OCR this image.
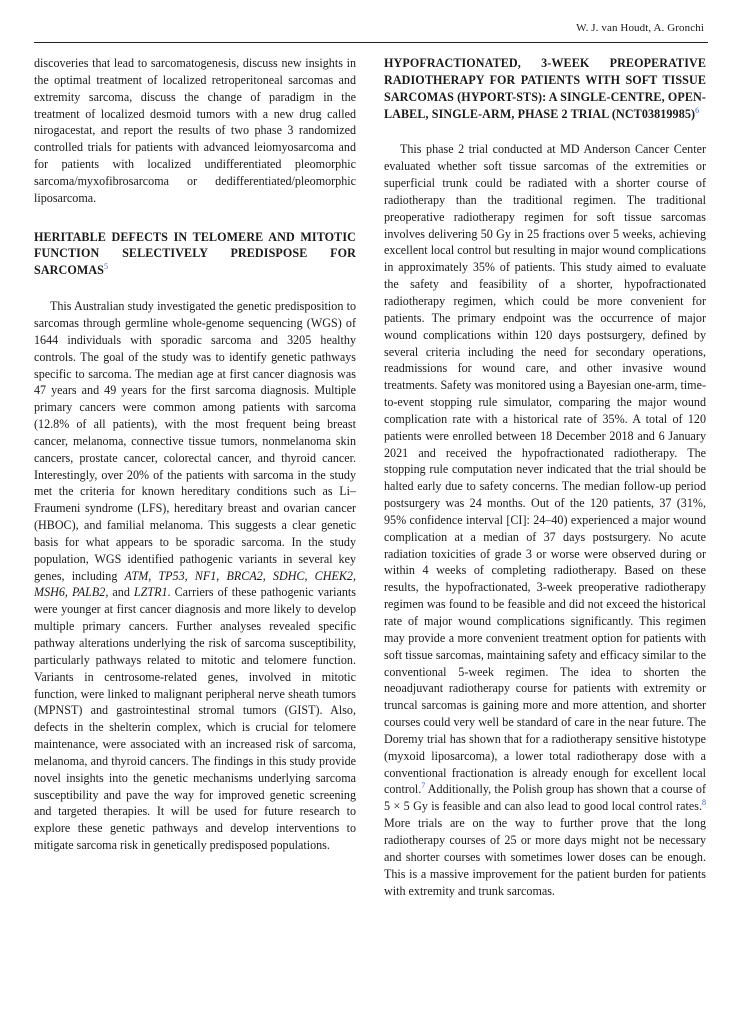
W. J. van Houdt, A. Gronchi

discoveries that lead to sarcomatogenesis, discuss new insights in the optimal treatment of localized retroperitoneal sarcomas and extremity sarcoma, discuss the change of paradigm in the treatment of localized desmoid tumors with a new drug called nirogacestat, and report the results of two phase 3 randomized controlled trials for patients with advanced leiomyosarcoma and for patients with localized undifferentiated pleomorphic sarcoma/myxofibrosarcoma or dedifferentiated/pleomorphic liposarcoma.

HERITABLE DEFECTS IN TELOMERE AND MITOTIC FUNCTION SELECTIVELY PREDISPOSE FOR SARCOMAS$^5$

This Australian study investigated the genetic predisposition to sarcomas through germline whole-genome sequencing (WGS) of 1644 individuals with sporadic sarcoma and 3205 healthy controls. The goal of the study was to identify genetic pathways specific to sarcoma. The median age at first cancer diagnosis was 47 years and 49 years for the first sarcoma diagnosis. Multiple primary cancers were common among patients with sarcoma (12.8% of all patients), with the most frequent being breast cancer, melanoma, connective tissue tumors, nonmelanoma skin cancers, prostate cancer, colorectal cancer, and thyroid cancer. Interestingly, over 20% of the patients with sarcoma in the study met the criteria for known hereditary conditions such as Li–Fraumeni syndrome (LFS), hereditary breast and ovarian cancer (HBOC), and familial melanoma. This suggests a clear genetic basis for what appears to be sporadic sarcoma. In the study population, WGS identified pathogenic variants in several key genes, including ATM, TP53, NF1, BRCA2, SDHC, CHEK2, MSH6, PALB2, and LZTR1. Carriers of these pathogenic variants were younger at first cancer diagnosis and more likely to develop multiple primary cancers. Further analyses revealed specific pathway alterations underlying the risk of sarcoma susceptibility, particularly pathways related to mitotic and telomere function. Variants in centrosome-related genes, involved in mitotic function, were linked to malignant peripheral nerve sheath tumors (MPNST) and gastrointestinal stromal tumors (GIST). Also, defects in the shelterin complex, which is crucial for telomere maintenance, were associated with an increased risk of sarcoma, melanoma, and thyroid cancers. The findings in this study provide novel insights into the genetic mechanisms underlying sarcoma susceptibility and pave the way for improved genetic screening and targeted therapies. It will be used for future research to explore these genetic pathways and develop interventions to mitigate sarcoma risk in genetically predisposed populations.

HYPOFRACTIONATED, 3-WEEK PREOPERATIVE RADIOTHERAPY FOR PATIENTS WITH SOFT TISSUE SARCOMAS (HYPORT-STS): A SINGLE-CENTRE, OPEN-LABEL, SINGLE-ARM, PHASE 2 TRIAL (NCT03819985)$^6$

This phase 2 trial conducted at MD Anderson Cancer Center evaluated whether soft tissue sarcomas of the extremities or superficial trunk could be radiated with a shorter course of radiotherapy than the traditional regimen. The traditional preoperative radiotherapy regimen for soft tissue sarcomas involves delivering 50 Gy in 25 fractions over 5 weeks, achieving excellent local control but resulting in major wound complications in approximately 35% of patients. This study aimed to evaluate the safety and feasibility of a shorter, hypofractionated radiotherapy regimen, which could be more convenient for patients. The primary endpoint was the occurrence of major wound complications within 120 days postsurgery, defined by several criteria including the need for secondary operations, readmissions for wound care, and other invasive wound treatments. Safety was monitored using a Bayesian one-arm, time-to-event stopping rule simulator, comparing the major wound complication rate with a historical rate of 35%. A total of 120 patients were enrolled between 18 December 2018 and 6 January 2021 and received the hypofractionated radiotherapy. The stopping rule computation never indicated that the trial should be halted early due to safety concerns. The median follow-up period postsurgery was 24 months. Out of the 120 patients, 37 (31%, 95% confidence interval [CI]: 24–40) experienced a major wound complication at a median of 37 days postsurgery. No acute radiation toxicities of grade 3 or worse were observed during or within 4 weeks of completing radiotherapy. Based on these results, the hypofractionated, 3-week preoperative radiotherapy regimen was found to be feasible and did not exceed the historical rate of major wound complications significantly. This regimen may provide a more convenient treatment option for patients with soft tissue sarcomas, maintaining safety and efficacy similar to the conventional 5-week regimen. The idea to shorten the neoadjuvant radiotherapy course for patients with extremity or truncal sarcomas is gaining more and more attention, and shorter courses could very well be standard of care in the near future. The Doremy trial has shown that for a radiotherapy sensitive histotype (myxoid liposarcoma), a lower total radiotherapy dose with a conventional fractionation is already enough for excellent local control.$^7$ Additionally, the Polish group has shown that a course of 5 × 5 Gy is feasible and can also lead to good local control rates.$^8$ More trials are on the way to further prove that the long radiotherapy courses of 25 or more days might not be necessary and shorter courses with sometimes lower doses can be enough. This is a massive improvement for the patient burden for patients with extremity and trunk sarcomas.
